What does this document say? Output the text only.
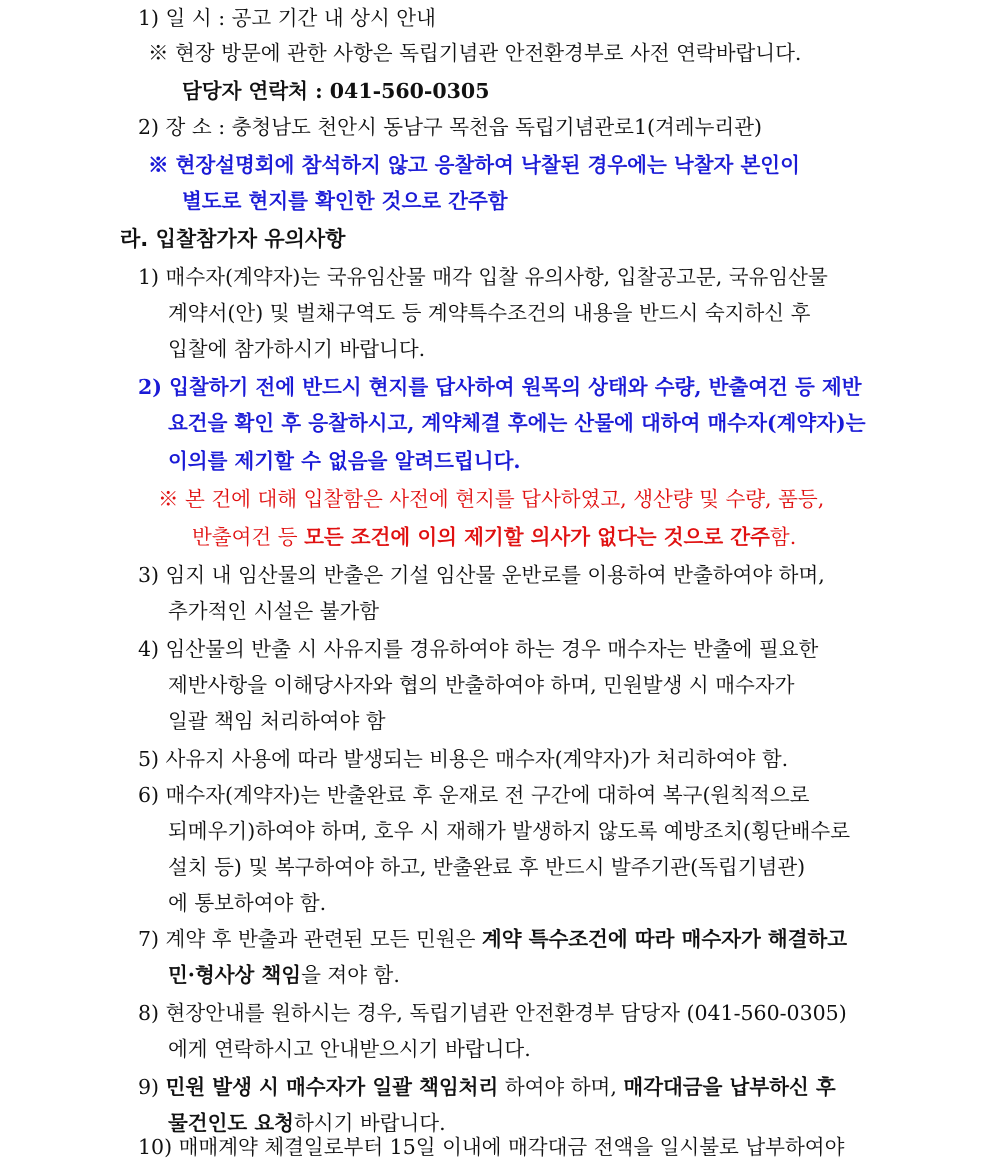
1) 일 시 : 공고 기간 내 상시 안내
※ 현장 방문에 관한 사항은 독립기념관 안전환경부로 사전 연락바랍니다.
담당자 연락처 : 041-560-0305
2) 장 소 : 충청남도 천안시 동남구 목천읍 독립기념관로1(겨레누리관)
※ 현장설명회에 참석하지 않고 응찰하여 낙찰된 경우에는 낙찰자 본인이
별도로 현지를 확인한 것으로 간주함
라. 입찰참가자 유의사항
1) 매수자(계약자)는 국유임산물 매각 입찰 유의사항, 입찰공고문, 국유임산물
계약서(안) 및 벌채구역도 등 계약특수조건의 내용을 반드시 숙지하신 후
입찰에 참가하시기 바랍니다.
2) 입찰하기 전에 반드시 현지를 답사하여 원목의 상태와 수량, 반출여건 등 제반
요건을 확인 후 응찰하시고, 계약체결 후에는 산물에 대하여 매수자(계약자)는
이의를 제기할 수 없음을 알려드립니다.
※ 본 건에 대해 입찰함은 사전에 현지를 답사하였고, 생산량 및 수량, 품등,
반출여건 등 모든 조건에 이의 제기할 의사가 없다는 것으로 간주함.
3) 임지 내 임산물의 반출은 기설 임산물 운반로를 이용하여 반출하여야 하며,
추가적인 시설은 불가함
4) 임산물의 반출 시 사유지를 경유하여야 하는 경우 매수자는 반출에 필요한
제반사항을 이해당사자와 협의 반출하여야 하며, 민원발생 시 매수자가
일괄 책임 처리하여야 함
5) 사유지 사용에 따라 발생되는 비용은 매수자(계약자)가 처리하여야 함.
6) 매수자(계약자)는 반출완료 후 운재로 전 구간에 대하여 복구(원칙적으로
되메우기)하여야 하며, 호우 시 재해가 발생하지 않도록 예방조치(횡단배수로
설치 등) 및 복구하여야 하고, 반출완료 후 반드시 발주기관(독립기념관)
에 통보하여야 함.
7) 계약 후 반출과 관련된 모든 민원은 계약 특수조건에 따라 매수자가 해결하고
민·형사상 책임을 져야 함.
8) 현장안내를 원하시는 경우, 독립기념관 안전환경부 담당자 (041-560-0305)
에게 연락하시고 안내받으시기 바랍니다.
9) 민원 발생 시 매수자가 일괄 책임처리 하여야 하며, 매각대금을 납부하신 후
물건인도 요청하시기 바랍니다.
10) 매매계약 체결일로부터 15일 이내에 매각대금 전액을 일시불로 납부하여야
